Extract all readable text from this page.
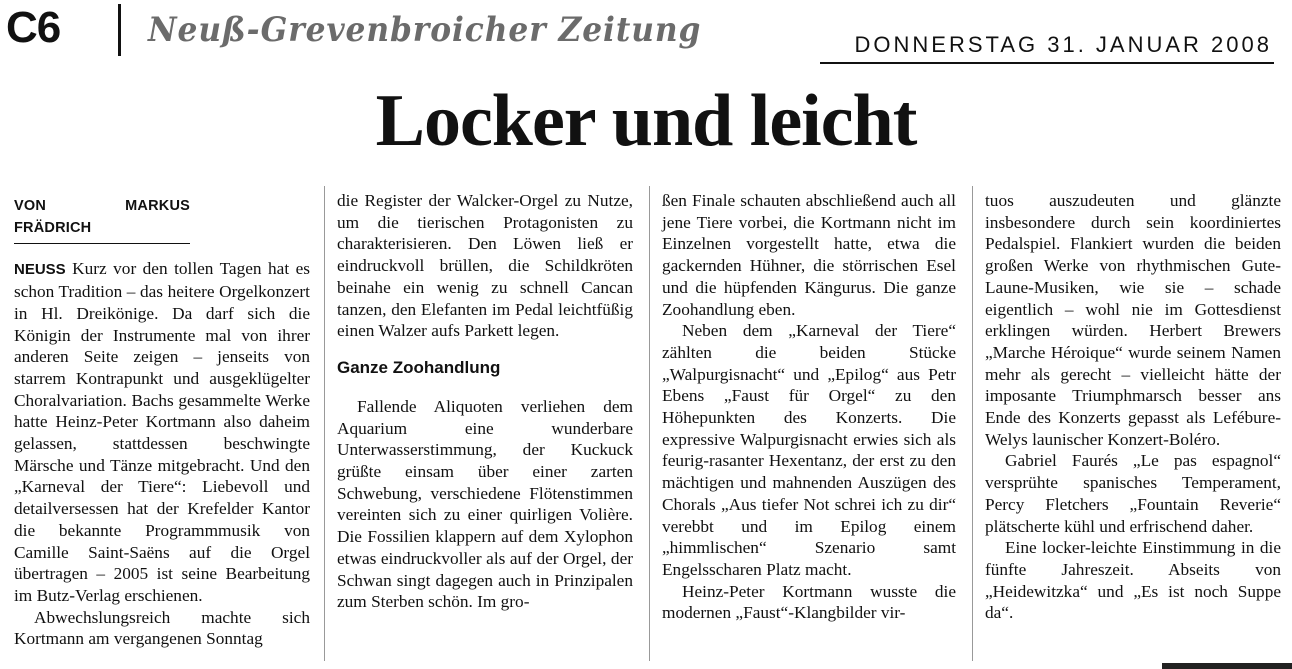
C6	Neuß-Grevenbroicher Zeitung	DONNERSTAG 31. JANUAR 2008
Locker und leicht
VON MARKUS FRÄDRICH

NEUSS Kurz vor den tollen Tagen hat es schon Tradition – das heitere Orgelkonzert in Hl. Dreikönige. Da darf sich die Königin der Instrumente mal von ihrer anderen Seite zeigen – jenseits von starrem Kontrapunkt und ausgeklügelter Choralvariation. Bachs gesammelte Werke hatte Heinz-Peter Kortmann also daheim gelassen, stattdessen beschwingte Märsche und Tänze mitgebracht. Und den „Karneval der Tiere“: Liebevoll und detailversessen hat der Krefelder Kantor die bekannte Programmmusik von Camille Saint-Saëns auf die Orgel übertragen – 2005 ist seine Bearbeitung im Butz-Verlag erschienen.

Abwechslungsreich machte sich Kortmann am vergangenen Sonntag

die Register der Walcker-Orgel zu Nutze, um die tierischen Protagonisten zu charakterisieren. Den Löwen ließ er eindruckvoll brüllen, die Schildkröten beinahe ein wenig zu schnell Cancan tanzen, den Elefanten im Pedal leichtfüßig einen Walzer aufs Parkett legen.

Ganze Zoohandlung

Fallende Aliquoten verliehen dem Aquarium eine wunderbare Unterwasserstimmung, der Kuckuck grüßte einsam über einer zarten Schwebung, verschiedene Flötenstimmen vereinten sich zu einer quirligen Volière. Die Fossilien klappern auf dem Xylophon etwas eindruckvoller als auf der Orgel, der Schwan singt dagegen auch in Prinzipalen zum Sterben schön. Im gro-

ßen Finale schauten abschließend auch all jene Tiere vorbei, die Kortmann nicht im Einzelnen vorgestellt hatte, etwa die gackernden Hühner, die störrischen Esel und die hüpfenden Kängurus. Die ganze Zoohandlung eben.

Neben dem „Karneval der Tiere“ zählten die beiden Stücke „Walpurgisnacht“ und „Epilog“ aus Petr Ebens „Faust für Orgel“ zu den Höhepunkten des Konzerts. Die expressive Walpurgisnacht erwies sich als feurig-rasanter Hexentanz, der erst zu den mächtigen und mahnenden Auszügen des Chorals „Aus tiefer Not schrei ich zu dir“ verebbt und im Epilog einem „himmlischen“ Szenario samt Engelsscharen Platz macht.

Heinz-Peter Kortmann wusste die modernen „Faust“-Klangbilder vir-

tuos auszudeuten und glänzte insbesondere durch sein koordiniertes Pedalspiel. Flankiert wurden die beiden großen Werke von rhythmischen Gute-Laune-Musiken, wie sie – schade eigentlich – wohl nie im Gottesdienst erklingen würden. Herbert Brewers „Marche Héroique“ wurde seinem Namen mehr als gerecht – vielleicht hätte der imposante Triumphmarsch besser ans Ende des Konzerts gepasst als Lefébure-Welys launischer Konzert-Boléro.

Gabriel Faurés „Le pas espagnol“ versprühte spanisches Temperament, Percy Fletchers „Fountain Reverie“ plätscherte kühl und erfrischend daher.

Eine locker-leichte Einstimmung in die fünfte Jahreszeit. Abseits von „Heidewitzka“ und „Es ist noch Suppe da“.
